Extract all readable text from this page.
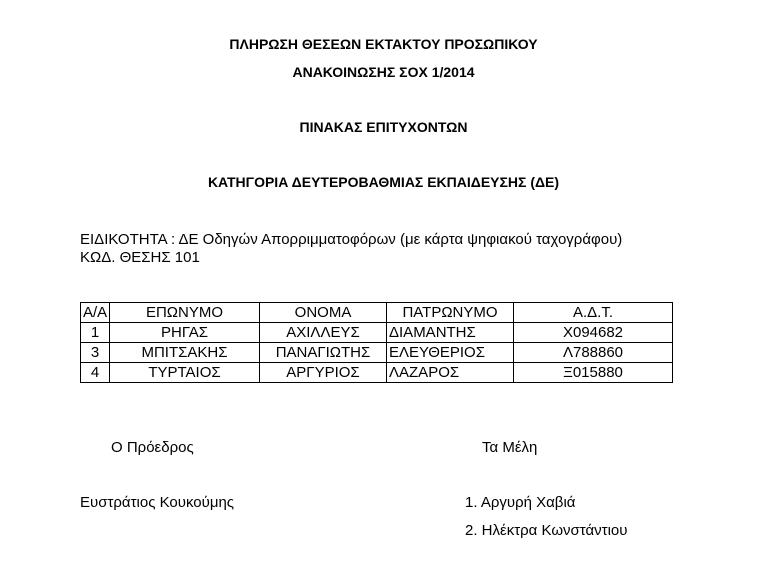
ΠΛΗΡΩΣΗ ΘΕΣΕΩΝ ΕΚΤΑΚΤΟΥ ΠΡΟΣΩΠΙΚΟΥ
ΑΝΑΚΟΙΝΩΣΗΣ ΣΟΧ 1/2014
ΠΙΝΑΚΑΣ ΕΠΙΤΥΧΟΝΤΩΝ
ΚΑΤΗΓΟΡΙΑ ΔΕΥΤΕΡΟΒΑΘΜΙΑΣ ΕΚΠΑΙΔΕΥΣΗΣ (ΔΕ)
ΕΙΔΙΚΟΤΗΤΑ : ΔΕ Οδηγών Απορριμματοφόρων (με κάρτα ψηφιακού ταχογράφου)
ΚΩΔ. ΘΕΣΗΣ 101
Α/Α	ΕΠΩΝΥΜΟ	ΟΝΟΜΑ	ΠΑΤΡΩΝΥΜΟ	Α.Δ.Τ.
1	ΡΗΓΑΣ	ΑΧΙΛΛΕΥΣ	ΔΙΑΜΑΝΤΗΣ	Χ094682
3	ΜΠΙΤΣΑΚΗΣ	ΠΑΝΑΓΙΩΤΗΣ	ΕΛΕΥΘΕΡΙΟΣ	Λ788860
4	ΤΥΡΤΑΙΟΣ	ΑΡΓΥΡΙΟΣ	ΛΑΖΑΡΟΣ	Ξ015880
Ο Πρόεδρος	Τα Μέλη
Ευστράτιος Κουκούμης	1. Αργυρή Χαβιά
2. Ηλέκτρα Κωνστάντιου
